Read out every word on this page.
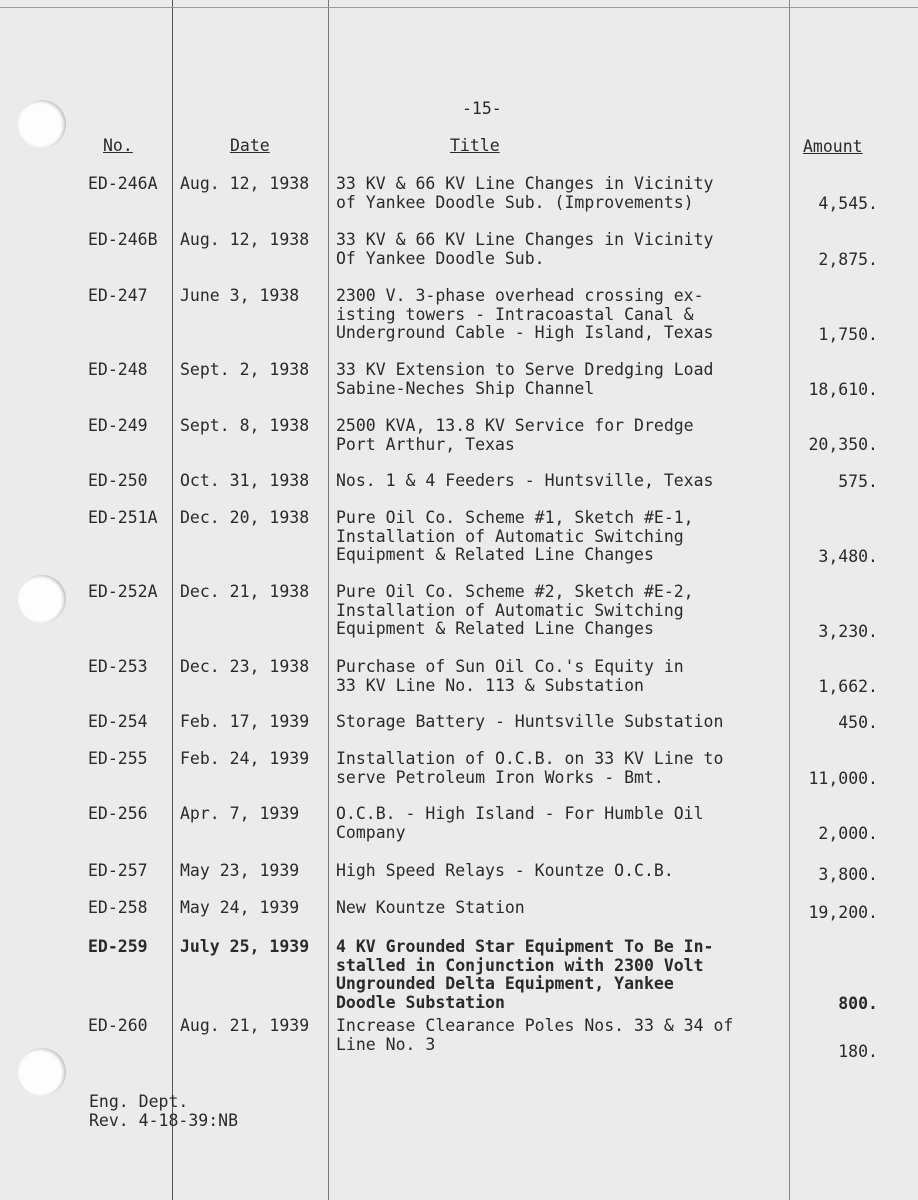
-15-
No.	Date	Title	Amount
ED-246A Aug. 12, 1938 33 KV & 66 KV Line Changes in Vicinity
of Yankee Doodle Sub. (Improvements)	4,545.
ED-246B Aug. 12, 1938 33 KV & 66 KV Line Changes in Vicinity
Of Yankee Doodle Sub.	2,875.
ED-247 June 3, 1938 2300 V. 3-phase overhead crossing ex-
isting towers - Intracoastal Canal &
Underground Cable - High Island, Texas	1,750.
ED-248 Sept. 2, 1938 33 KV Extension to Serve Dredging Load
Sabine-Neches Ship Channel	18,610.
ED-249 Sept. 8, 1938 2500 KVA, 13.8 KV Service for Dredge
Port Arthur, Texas	20,350.
ED-250 Oct. 31, 1938 Nos. 1 & 4 Feeders - Huntsville, Texas	575.
ED-251A Dec. 20, 1938 Pure Oil Co. Scheme #1, Sketch #E-1,
Installation of Automatic Switching
Equipment & Related Line Changes	3,480.
ED-252A Dec. 21, 1938 Pure Oil Co. Scheme #2, Sketch #E-2,
Installation of Automatic Switching
Equipment & Related Line Changes	3,230.
ED-253 Dec. 23, 1938 Purchase of Sun Oil Co.'s Equity in
33 KV Line No. 113 & Substation	1,662.
ED-254 Feb. 17, 1939 Storage Battery - Huntsville Substation	450.
ED-255 Feb. 24, 1939 Installation of O.C.B. on 33 KV Line to
serve Petroleum Iron Works - Bmt.	11,000.
ED-256 Apr. 7, 1939 O.C.B. - High Island - For Humble Oil
Company	2,000.
ED-257 May 23, 1939 High Speed Relays - Kountze O.C.B.	3,800.
ED-258 May 24, 1939 New Kountze Station	19,200.
ED-259 July 25, 1939 4 KV Grounded Star Equipment To Be In-
stalled in Conjunction with 2300 Volt
Ungrounded Delta Equipment, Yankee
Doodle Substation	800.
ED-260 Aug. 21, 1939 Increase Clearance Poles Nos. 33 & 34 of
Line No. 3	180.
Eng. Dept.
Rev. 4-18-39:NB
